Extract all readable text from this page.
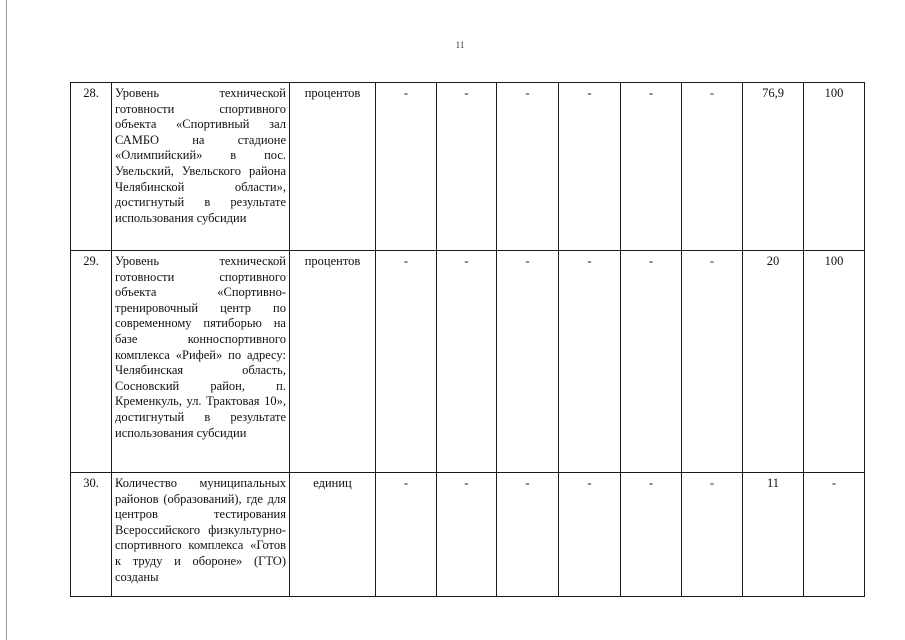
11
28.	Уровень технической готовности спортивного объекта «Спортивный зал САМБО на стадионе «Олимпийский» в пос. Увельский, Увельского района Челябинской области», достигнутый в результате использования субсидии	процентов	-	-	-	-	-	-	76,9	100
29.	Уровень технической готовности спортивного объекта «Спортивно-тренировочный центр по современному пятиборью на базе конноспортивного комплекса «Рифей» по адресу: Челябинская область, Сосновский район, п. Кременкуль, ул. Трактовая 10», достигнутый в результате использования субсидии	процентов	-	-	-	-	-	-	20	100
30.	Количество муниципальных районов (образований), где для центров тестирования Всероссийского физкультурно-спортивного комплекса «Готов к труду и обороне» (ГТО) созданы	единиц	-	-	-	-	-	-	11	-
